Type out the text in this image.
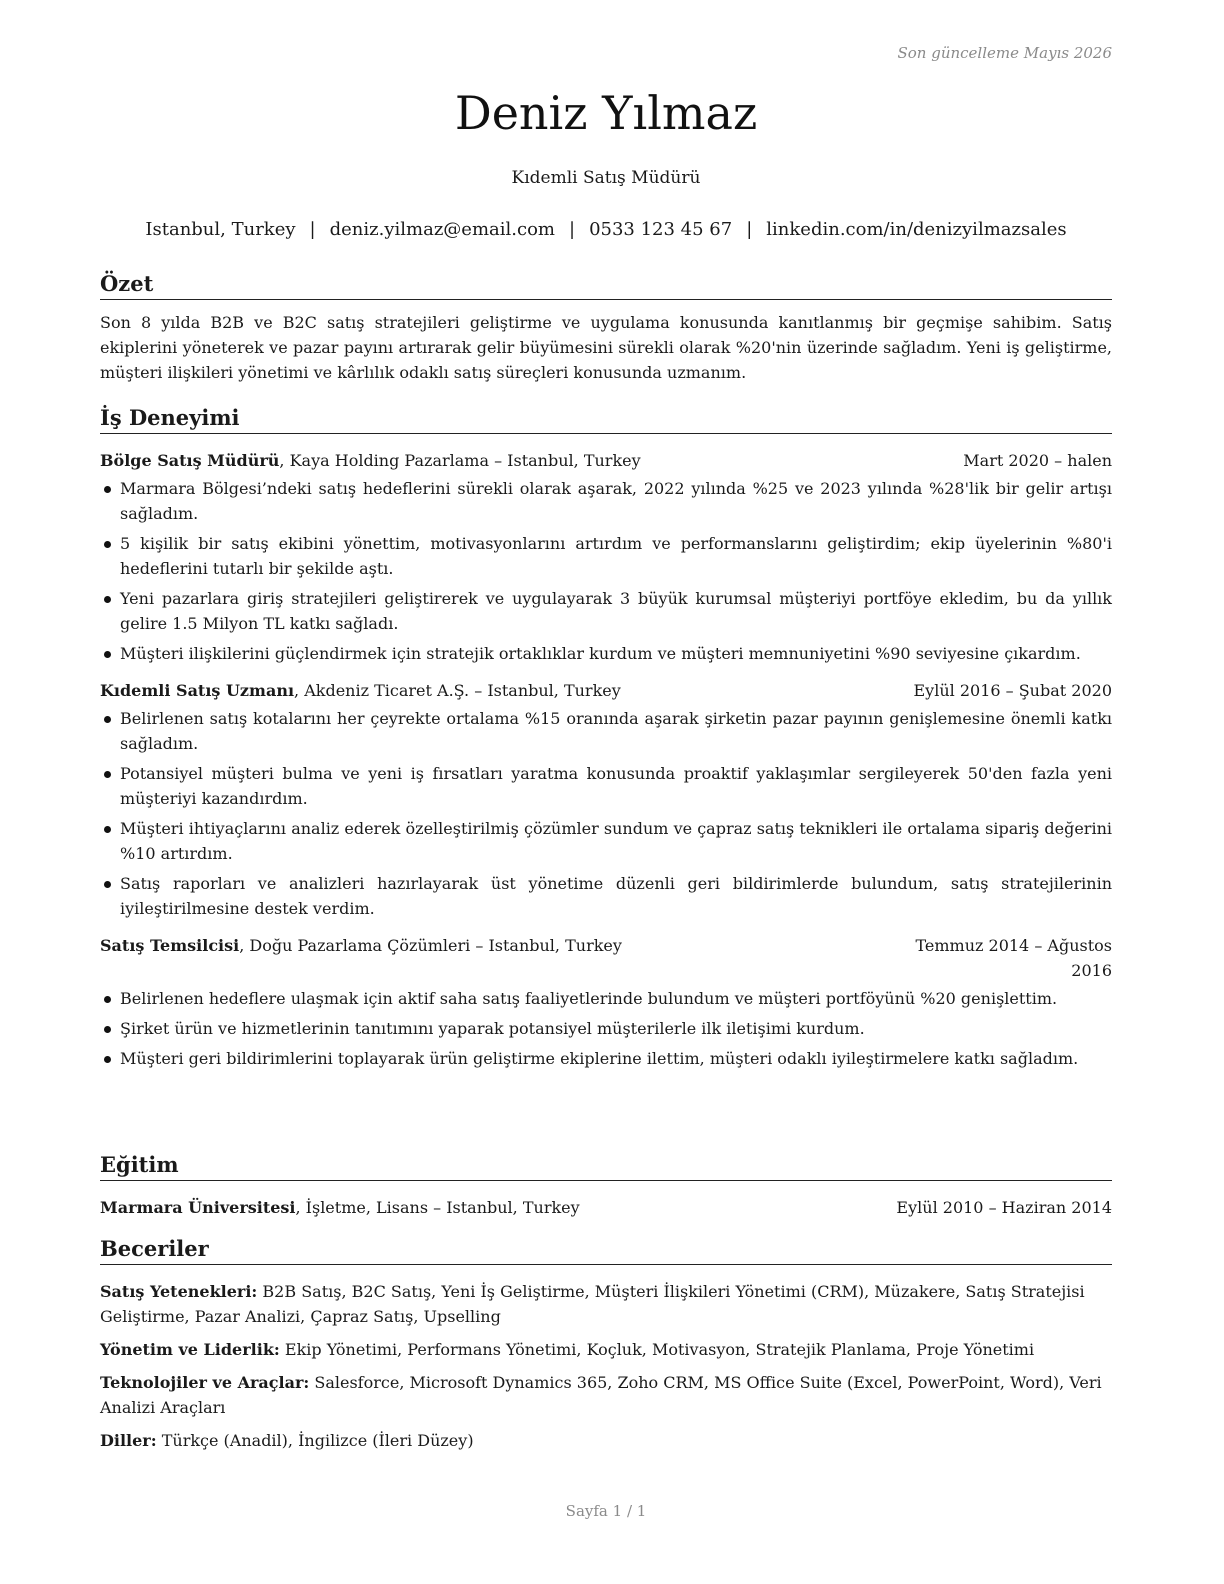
Son güncelleme Mayıs 2026
Deniz Yılmaz
Kıdemli Satış Müdürü
Istanbul, Turkey | deniz.yilmaz@email.com | 0533 123 45 67 | linkedin.com/in/denizyilmazsales
Özet
Son 8 yılda B2B ve B2C satış stratejileri geliştirme ve uygulama konusunda kanıtlanmış bir geçmişe sahibim. Satış ekiplerini yöneterek ve pazar payını artırarak gelir büyümesini sürekli olarak %20'nin üzerinde sağladım. Yeni iş geliştirme, müşteri ilişkileri yönetimi ve kârlılık odaklı satış süreçleri konusunda uzmanım.
İş Deneyimi
Bölge Satış Müdürü, Kaya Holding Pazarlama – Istanbul, Turkey	Mart 2020 – halen
Marmara Bölgesi’ndeki satış hedeflerini sürekli olarak aşarak, 2022 yılında %25 ve 2023 yılında %28'lik bir gelir artışı sağladım.
5 kişilik bir satış ekibini yönettim, motivasyonlarını artırdım ve performanslarını geliştirdim; ekip üyelerinin %80'i hedeflerini tutarlı bir şekilde aştı.
Yeni pazarlara giriş stratejileri geliştirerek ve uygulayarak 3 büyük kurumsal müşteriyi portföye ekledim, bu da yıllık gelire 1.5 Milyon TL katkı sağladı.
Müşteri ilişkilerini güçlendirmek için stratejik ortaklıklar kurdum ve müşteri memnuniyetini %90 seviyesine çıkardım.
Kıdemli Satış Uzmanı, Akdeniz Ticaret A.Ş. – Istanbul, Turkey	Eylül 2016 – Şubat 2020
Belirlenen satış kotalarını her çeyrekte ortalama %15 oranında aşarak şirketin pazar payının genişlemesine önemli katkı sağladım.
Potansiyel müşteri bulma ve yeni iş fırsatları yaratma konusunda proaktif yaklaşımlar sergileyerek 50'den fazla yeni müşteriyi kazandırdım.
Müşteri ihtiyaçlarını analiz ederek özelleştirilmiş çözümler sundum ve çapraz satış teknikleri ile ortalama sipariş değerini %10 artırdım.
Satış raporları ve analizleri hazırlayarak üst yönetime düzenli geri bildirimlerde bulundum, satış stratejilerinin iyileştirilmesine destek verdim.
Satış Temsilcisi, Doğu Pazarlama Çözümleri – Istanbul, Turkey	Temmuz 2014 – Ağustos 2016
Belirlenen hedeflere ulaşmak için aktif saha satış faaliyetlerinde bulundum ve müşteri portföyünü %20 genişlettim.
Şirket ürün ve hizmetlerinin tanıtımını yaparak potansiyel müşterilerle ilk iletişimi kurdum.
Müşteri geri bildirimlerini toplayarak ürün geliştirme ekiplerine ilettim, müşteri odaklı iyileştirmelere katkı sağladım.
Eğitim
Marmara Üniversitesi, İşletme, Lisans – Istanbul, Turkey	Eylül 2010 – Haziran 2014
Beceriler
Satış Yetenekleri: B2B Satış, B2C Satış, Yeni İş Geliştirme, Müşteri İlişkileri Yönetimi (CRM), Müzakere, Satış Stratejisi Geliştirme, Pazar Analizi, Çapraz Satış, Upselling
Yönetim ve Liderlik: Ekip Yönetimi, Performans Yönetimi, Koçluk, Motivasyon, Stratejik Planlama, Proje Yönetimi
Teknolojiler ve Araçlar: Salesforce, Microsoft Dynamics 365, Zoho CRM, MS Office Suite (Excel, PowerPoint, Word), Veri Analizi Araçları
Diller: Türkçe (Anadil), İngilizce (İleri Düzey)
Sayfa 1 / 1
